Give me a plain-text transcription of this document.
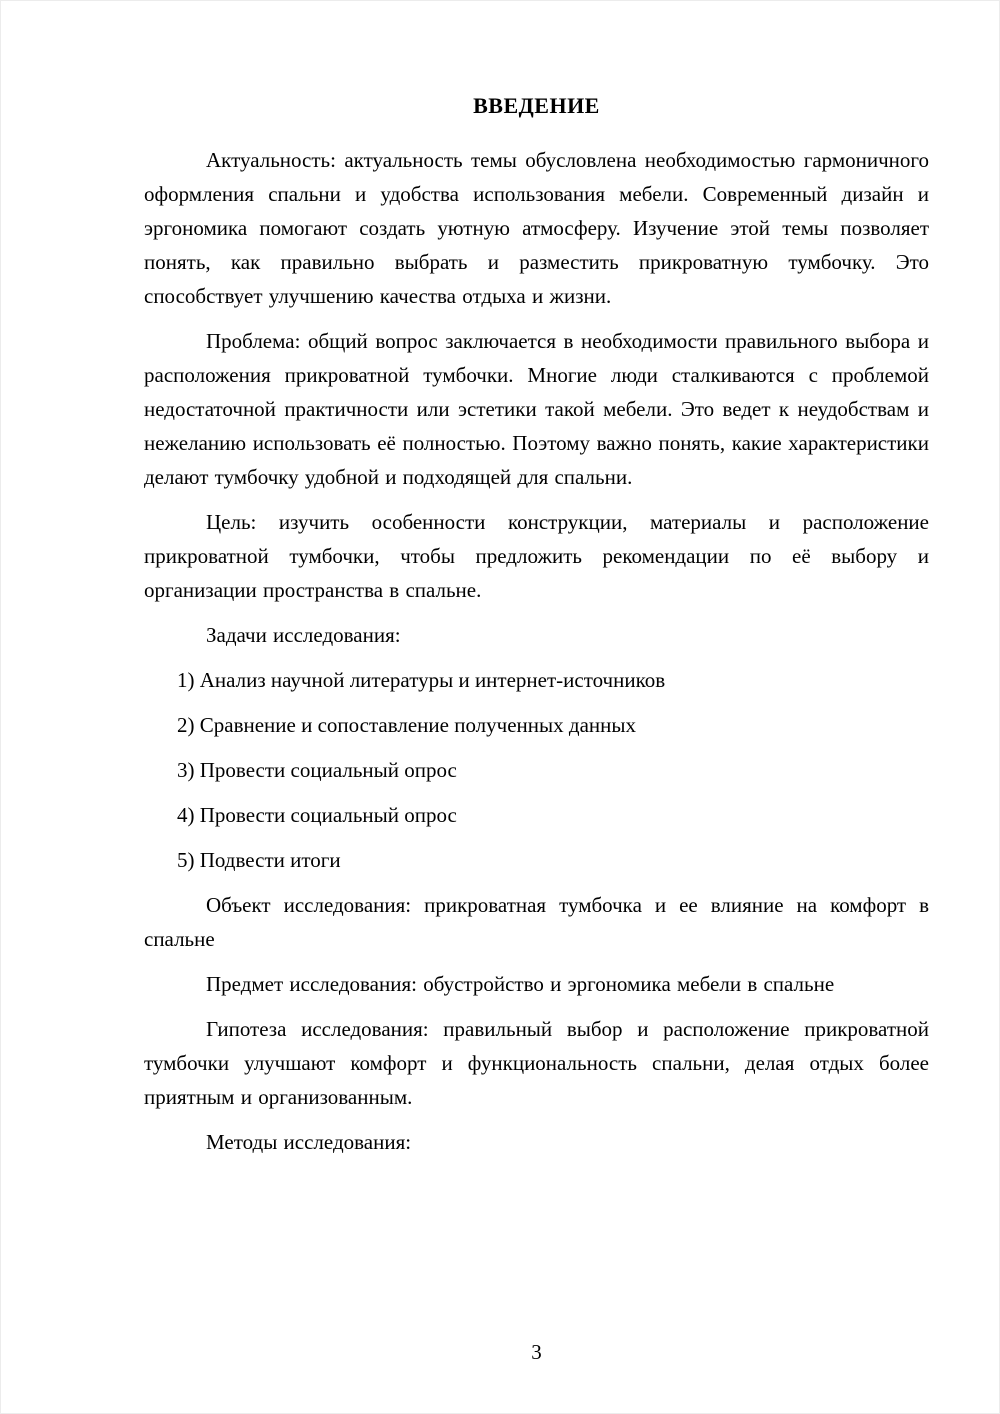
ВВЕДЕНИЕ

Актуальность: актуальность темы обусловлена необходимостью гармоничного оформления спальни и удобства использования мебели. Современный дизайн и эргономика помогают создать уютную атмосферу. Изучение этой темы позволяет понять, как правильно выбрать и разместить прикроватную тумбочку. Это способствует улучшению качества отдыха и жизни.

Проблема: общий вопрос заключается в необходимости правильного выбора и расположения прикроватной тумбочки. Многие люди сталкиваются с проблемой недостаточной практичности или эстетики такой мебели. Это ведет к неудобствам и нежеланию использовать её полностью. Поэтому важно понять, какие характеристики делают тумбочку удобной и подходящей для спальни.

Цель: изучить особенности конструкции, материалы и расположение прикроватной тумбочки, чтобы предложить рекомендации по её выбору и организации пространства в спальне.

Задачи исследования:

1) Анализ научной литературы и интернет-источников

2) Сравнение и сопоставление полученных данных

3) Провести социальный опрос

4) Провести социальный опрос

5) Подвести итоги

Объект исследования: прикроватная тумбочка и ее влияние на комфорт в спальне

Предмет исследования: обустройство и эргономика мебели в спальне

Гипотеза исследования: правильный выбор и расположение прикроватной тумбочки улучшают комфорт и функциональность спальни, делая отдых более приятным и организованным.

Методы исследования:

3
